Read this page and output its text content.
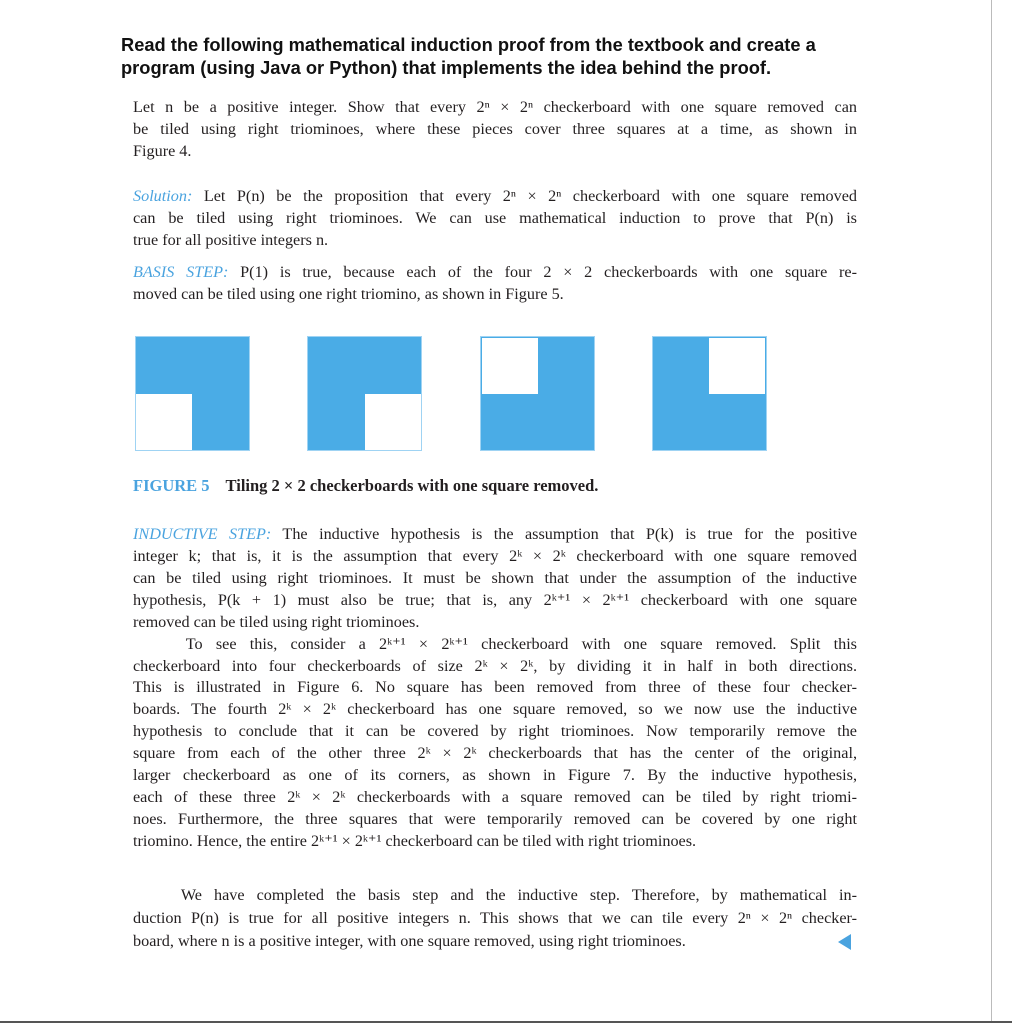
Read the following mathematical induction proof from the textbook and create a
program (using Java or Python) that implements the idea behind the proof.
Let n be a positive integer. Show that every 2ⁿ × 2ⁿ checkerboard with one square removed can
be tiled using right triominoes, where these pieces cover three squares at a time, as shown in
Figure 4.
Solution: Let P(n) be the proposition that every 2ⁿ × 2ⁿ checkerboard with one square removed
can be tiled using right triominoes. We can use mathematical induction to prove that P(n) is
true for all positive integers n.
BASIS STEP: P(1) is true, because each of the four 2 × 2 checkerboards with one square re-
moved can be tiled using one right triomino, as shown in Figure 5.
FIGURE 5 Tiling 2 × 2 checkerboards with one square removed.
INDUCTIVE STEP: The inductive hypothesis is the assumption that P(k) is true for the positive
integer k; that is, it is the assumption that every 2ᵏ × 2ᵏ checkerboard with one square removed
can be tiled using right triominoes. It must be shown that under the assumption of the inductive
hypothesis, P(k + 1) must also be true; that is, any 2ᵏ⁺¹ × 2ᵏ⁺¹ checkerboard with one square
removed can be tiled using right triominoes.
To see this, consider a 2ᵏ⁺¹ × 2ᵏ⁺¹ checkerboard with one square removed. Split this
checkerboard into four checkerboards of size 2ᵏ × 2ᵏ, by dividing it in half in both directions.
This is illustrated in Figure 6. No square has been removed from three of these four checker-
boards. The fourth 2ᵏ × 2ᵏ checkerboard has one square removed, so we now use the inductive
hypothesis to conclude that it can be covered by right triominoes. Now temporarily remove the
square from each of the other three 2ᵏ × 2ᵏ checkerboards that has the center of the original,
larger checkerboard as one of its corners, as shown in Figure 7. By the inductive hypothesis,
each of these three 2ᵏ × 2ᵏ checkerboards with a square removed can be tiled by right triomi-
noes. Furthermore, the three squares that were temporarily removed can be covered by one right
triomino. Hence, the entire 2ᵏ⁺¹ × 2ᵏ⁺¹ checkerboard can be tiled with right triominoes.
We have completed the basis step and the inductive step. Therefore, by mathematical in-
duction P(n) is true for all positive integers n. This shows that we can tile every 2ⁿ × 2ⁿ checker-
board, where n is a positive integer, with one square removed, using right triominoes.
